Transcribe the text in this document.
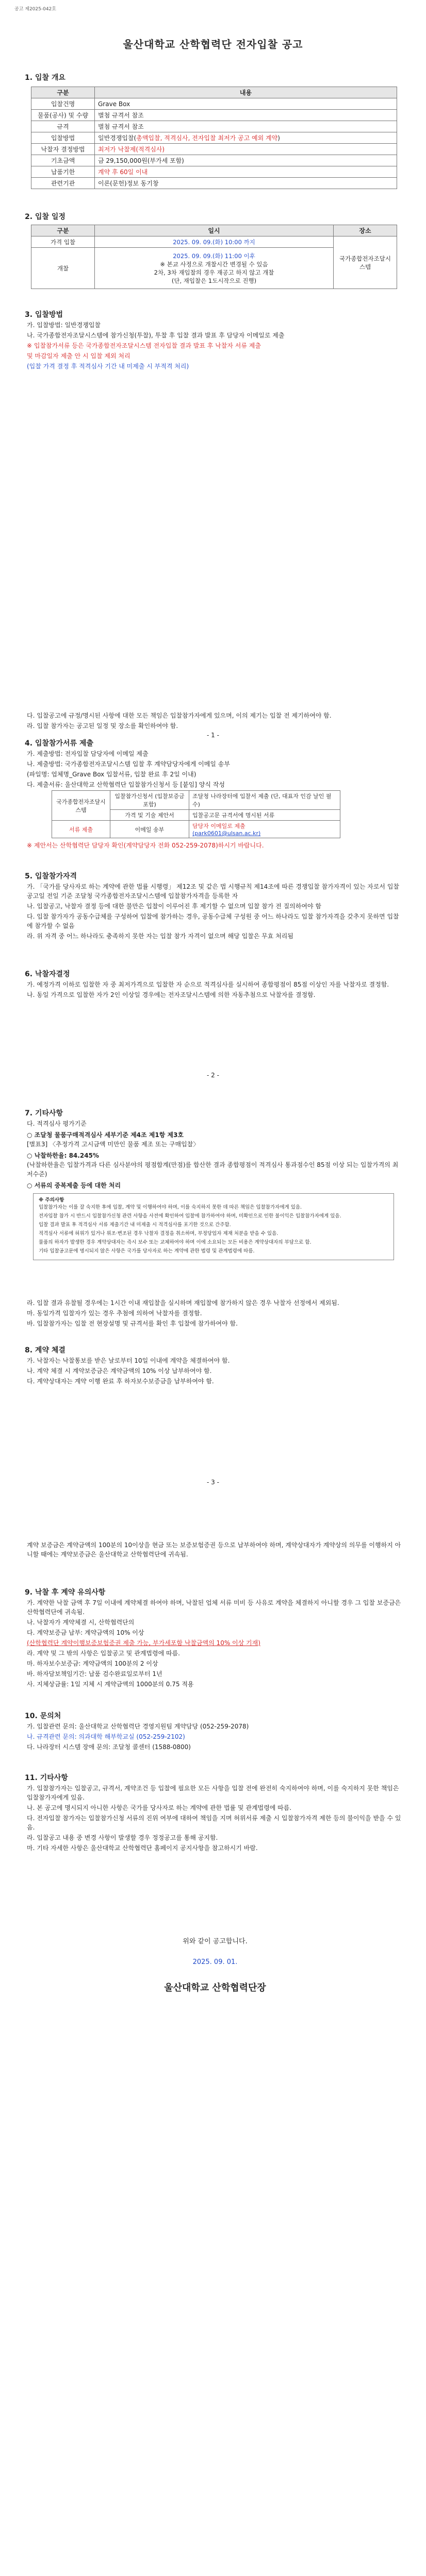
공고 제2025-042호
울산대학교 산학협력단 전자입찰 공고
1. 입찰 개요
구분	내용
입찰건명	Grave Box
물품(공사) 및 수량	별첨 규격서 참조
규격	별첨 규격서 참조
입찰방법	일반경쟁입찰(총액입찰, 적격심사, 전자입찰 최저가 공고 예외 계약)
낙찰자 결정방법	최저가 낙찰제(적격심사)
기초금액	금 29,150,000원(부가세 포함)
납품기한	계약 후 60일 이내
관련기관	이론(문헌)정보 동기창
2. 입찰 일정
구분	일시	장소
가격 입찰	2025. 09. 09.(화) 10:00 까지	국가종합전자조달시스템
개찰	2025. 09. 09.(화) 11:00 이후
※ 본교 사정으로 개찰시간 변경될 수 있음
2차, 3차 재입찰의 경우 재공고 하지 않고 개찰
(단, 재입찰은 1도시작으로 진행)	
3. 입찰방법

가. 입찰방법: 일반경쟁입찰

나. 국가종합전자조달시스템에 참가신청(투찰), 투찰 후 입찰 결과 발표 후 담당자 이메일로 제출

※ 입찰참가서류 등은 국가종합전자조달시스템 전자입찰 결과 발표 후 낙찰자 서류 제출

및 마감일자 제출 안 시 입찰 제외 처리

(입찰 가격 결정 후 적격심사 기간 내 미제출 시 부적격 처리)

- 1 -

다. 입찰공고에 규정/명시된 사항에 대한 모든 책임은 입찰참가자에게 있으며, 이의 제기는 입찰 전 제기하여야 함.

라. 입찰 참가자는 공고된 일정 및 장소를 확인하여야 함.

4. 입찰참가서류 제출

가. 제출방법: 전자입찰 담당자에 이메일 제출

나. 제출방법: 국가종합전자조달시스템 입찰 후 계약담당자에게 이메일 송부

(파일명: 업체명_Grave Box 입찰서류, 입찰 완료 후 2일 이내)

다. 제출서류: 울산대학교 산학협력단 입찰참가신청서 등 [붙임] 양식 작성

국가종합전자조달시스템	입찰참가신청서 (입찰보증금 포함)	조달청 나라장터에 입찰서 제출 (단, 대표자 인감 날인 필수)
	가격 및 기술 제안서	입찰공고문 규격서에 명시된 서류
서류 제출	이메일 송부	담당자 이메일로 제출
(park0601@ulsan.ac.kr)
※ 제안서는 산학협력단 담당자 확인(계약담당자 전화 052-259-2078)하시기 바랍니다.
5. 입찰참가자격

가. 「국가를 당사자로 하는 계약에 관한 법률 시행령」 제12조 및 같은 법 시행규칙 제14조에 따른 경쟁입찰 참가자격이 있는 자로서 입찰공고일 전일 기준 조달청 국가종합전자조달시스템에 입찰참가자격을 등록한 자

나. 입찰공고, 낙찰자 결정 등에 대한 불만은 입찰이 이루어진 후 제기할 수 없으며 입찰 참가 전 질의하여야 함

다. 입찰 참가자가 공동수급체를 구성하여 입찰에 참가하는 경우, 공동수급체 구성원 중 어느 하나라도 입찰 참가자격을 갖추지 못하면 입찰에 참가할 수 없음

라. 위 자격 중 어느 하나라도 충족하지 못한 자는 입찰 참가 자격이 없으며 해당 입찰은 무효 처리됨

6. 낙찰자결정

가. 예정가격 이하로 입찰한 자 중 최저가격으로 입찰한 자 순으로 적격심사를 실시하여 종합평점이 85점 이상인 자를 낙찰자로 결정함.

나. 동일 가격으로 입찰한 자가 2인 이상일 경우에는 전자조달시스템에 의한 자동추첨으로 낙찰자를 결정함.

- 2 -
7. 기타사항
다. 적격심사 평가기준
○ 조달청 물품구매적격심사 세부기준 제4조 제1항 제3호
[별표3] 〈추정가격 고시금액 미만인 물품 제조 또는 구매입찰〉
○ 낙찰하한율: 84.245%
(낙찰하한율은 입찰가격과 다른 심사분야의 평점합계(만점)를 합산한 결과 종합평점이 적격심사 통과점수인 85점 이상 되는 입찰가격의 최저수준)
○ 서류의 중복제출 등에 대한 처리
※ 주의사항

입찰참가자는 이를 잘 숙지한 후에 입찰, 계약 및 이행하여야 하며, 이를 숙지하지 못한 데 따른 책임은 입찰참가자에게 있음.

전자입찰 참가 시 반드시 입찰참가신청 관련 사항을 사전에 확인하여 입찰에 참가하여야 하며, 미확인으로 인한 불이익은 입찰참가자에게 있음.

입찰 결과 발표 후 적격심사 서류 제출기간 내 미제출 시 적격심사를 포기한 것으로 간주함.

적격심사 서류에 허위가 있거나 위조·변조된 경우 낙찰자 결정을 취소하며, 부정당업자 제재 처분을 받을 수 있음.

물품의 하자가 발생한 경우 계약상대자는 즉시 보수 또는 교체하여야 하며 이에 소요되는 모든 비용은 계약상대자의 부담으로 함.

기타 입찰공고문에 명시되지 않은 사항은 국가를 당사자로 하는 계약에 관한 법령 및 관계법령에 따름.

라. 입찰 결과 유찰될 경우에는 1시간 이내 재입찰을 실시하며 재입찰에 참가하지 않은 경우 낙찰자 선정에서 제외됨.

마. 동일가격 입찰자가 있는 경우 추첨에 의하여 낙찰자를 결정함.

바. 입찰참가자는 입찰 전 현장설명 및 규격서를 확인 후 입찰에 참가하여야 함.

8. 계약 체결

가. 낙찰자는 낙찰통보를 받은 날로부터 10일 이내에 계약을 체결하여야 함.

나. 계약 체결 시 계약보증금은 계약금액의 10% 이상 납부하여야 함.

다. 계약상대자는 계약 이행 완료 후 하자보수보증금을 납부하여야 함.

- 3 -
계약 보증금은 계약금액의 100분의 10이상을 현금 또는 보증보험증권 등으로 납부하여야 하며, 계약상대자가 계약상의 의무를 이행하지 아니할 때에는 계약보증금은 울산대학교 산학협력단에 귀속됨.
9. 낙찰 후 계약 유의사항

가. 계약한 낙찰 금액 후 7일 이내에 계약체결 하여야 하며, 낙찰된 업체 서류 미비 등 사유로 계약을 체결하지 아니할 경우 그 입찰 보증금은 산학협력단에 귀속됨.

나. 낙찰자가 계약체결 시, 산학협력단의

다. 계약보증금 납부: 계약금액의 10% 이상

(산학협력단 계약이행보증보험증권 제출 가능, 부가세포함 낙찰금액의 10% 이상 기재)

라. 계약 및 그 밖의 사항은 입찰공고 및 관계법령에 따름.

마. 하자보수보증금: 계약금액의 100분의 2 이상

바. 하자담보책임기간: 납품 검수완료일로부터 1년

사. 지체상금률: 1일 지체 시 계약금액의 1000분의 0.75 적용

10. 문의처

가. 입찰관련 문의: 울산대학교 산학협력단 경영지원팀 계약담당 (052-259-2078)

나. 규격관련 문의: 의과대학 해부학교실 (052-259-2102)

다. 나라장터 시스템 장애 문의: 조달청 콜센터 (1588-0800)

11. 기타사항

가. 입찰참가자는 입찰공고, 규격서, 계약조건 등 입찰에 필요한 모든 사항을 입찰 전에 완전히 숙지하여야 하며, 이를 숙지하지 못한 책임은 입찰참가자에게 있음.

나. 본 공고에 명시되지 아니한 사항은 국가를 당사자로 하는 계약에 관한 법률 및 관계법령에 따름.

다. 전자입찰 참가자는 입찰참가신청 서류의 진위 여부에 대하여 책임을 지며 허위서류 제출 시 입찰참가자격 제한 등의 불이익을 받을 수 있음.

라. 입찰공고 내용 중 변경 사항이 발생할 경우 정정공고를 통해 공지함.

마. 기타 자세한 사항은 울산대학교 산학협력단 홈페이지 공지사항을 참고하시기 바람.

위와 같이 공고합니다.
2025. 09. 01.
울산대학교 산학협력단장
